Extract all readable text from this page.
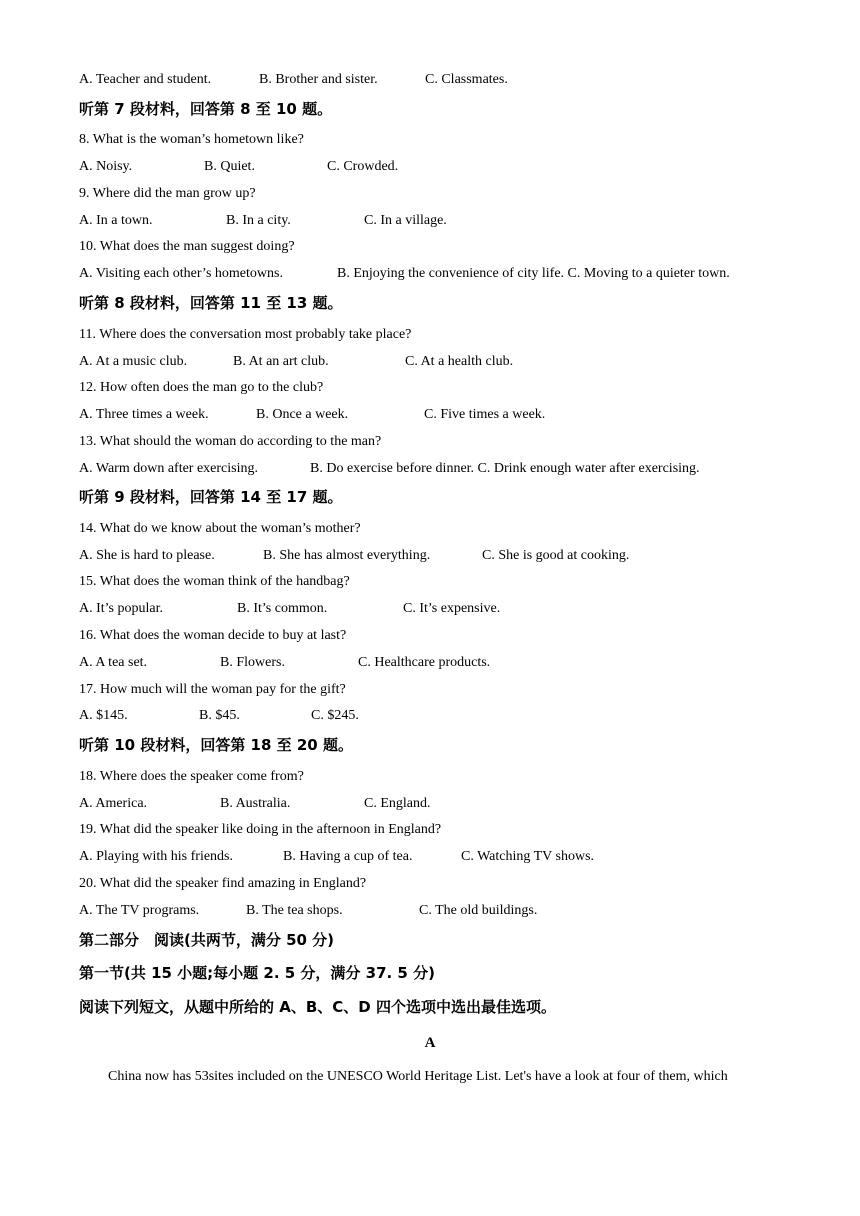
A. Teacher and student.	B. Brother and sister.	C. Classmates.
听第 7 段材料，回答第 8 至 10 题。
8. What is the woman’s hometown like?
A. Noisy.	B. Quiet.	C. Crowded.
9. Where did the man grow up?
A. In a town.	B. In a city.	C. In a village.
10. What does the man suggest doing?
A. Visiting each other’s hometowns.	B. Enjoying the convenience of city life. C. Moving to a quieter town.
听第 8 段材料，回答第 11 至 13 题。
11. Where does the conversation most probably take place?
A. At a music club.	B. At an art club.	C. At a health club.
12. How often does the man go to the club?
A. Three times a week.	B. Once a week.	C. Five times a week.
13. What should the woman do according to the man?
A. Warm down after exercising.	B. Do exercise before dinner. C. Drink enough water after exercising.
听第 9 段材料，回答第 14 至 17 题。
14. What do we know about the woman’s mother?
A. She is hard to please.	B. She has almost everything.	C. She is good at cooking.
15. What does the woman think of the handbag?
A. It’s popular.	B. It’s common.	C. It’s expensive.
16. What does the woman decide to buy at last?
A. A tea set.	B. Flowers.	C. Healthcare products.
17. How much will the woman pay for the gift?
A. $145.	B. $45.	C. $245.
听第 10 段材料，回答第 18 至 20 题。
18. Where does the speaker come from?
A. America.	B. Australia.	C. England.
19. What did the speaker like doing in the afternoon in England?
A. Playing with his friends.	B. Having a cup of tea.	C. Watching TV shows.
20. What did the speaker find amazing in England?
A. The TV programs.	B. The tea shops.	C. The old buildings.
第二部分　阅读(共两节，满分 50 分)
第一节(共 15 小题;每小题 2. 5 分，满分 37. 5 分)
阅读下列短文，从题中所给的 A、B、C、D 四个选项中选出最佳选项。
A
China now has 53sites included on the UNESCO World Heritage List. Let's have a look at four of them, which
